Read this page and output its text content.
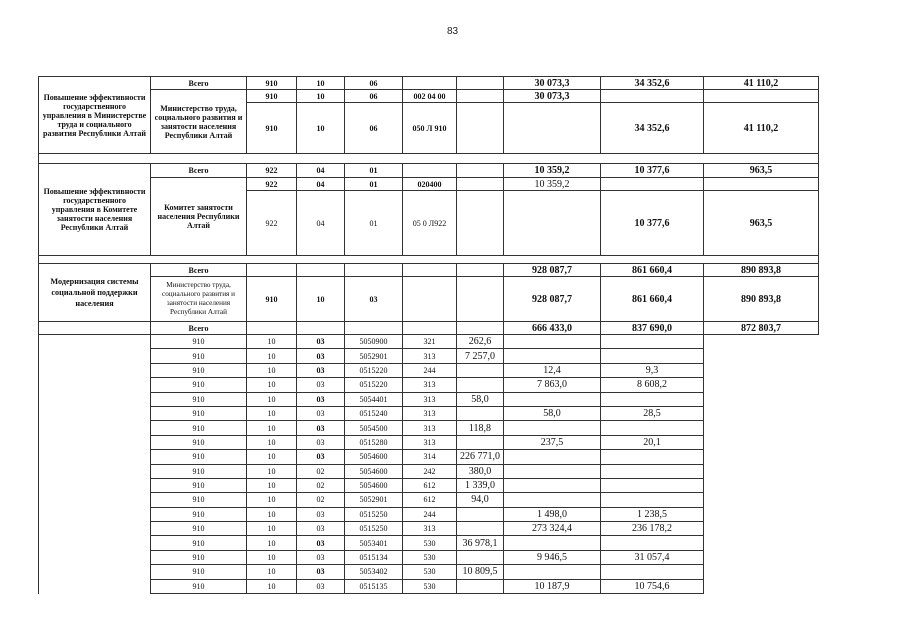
83
Повышение эффективности государственного управления в Министерстве труда и социального развития Республики Алтай	Всего	910	10	06			30 073,3	34 352,6	41 110,2
	Министерство труда, социального развития и занятости населения Республики Алтай	910	10	06	002 04 00		30 073,3		
		910	10	06	050 Л 910			34 352,6	41 110,2

Повышение эффективности государственного управления в Комитете занятости населения Республики Алтай	Всего	922	04	01			10 359,2	10 377,6	963,5
	Комитет занятости населения Республики Алтай	922	04	01	020400		10 359,2		
		922	04	01	05 0 Л922			10 377,6	963,5

Модернизация системы социальной поддержки населения	Всего						928 087,7	861 660,4	890 893,8
	Министерство труда, социального развития и занятости населения Республики Алтай	910	10	03			928 087,7	861 660,4	890 893,8
	Всего						666 433,0	837 690,0	872 803,7
	910	10	03	5050900	321	262,6			
	910	10	03	5052901	313	7 257,0			
	910	10	03	0515220	244		12,4	9,3	
	910	10	03	0515220	313		7 863,0	8 608,2	
	910	10	03	5054401	313	58,0			
	910	10	03	0515240	313		58,0	28,5	
	910	10	03	5054500	313	118,8			
	910	10	03	0515280	313		237,5	20,1	
	910	10	03	5054600	314	226 771,0			
	910	10	02	5054600	242	380,0			
	910	10	02	5054600	612	1 339,0			
	910	10	02	5052901	612	94,0			
	910	10	03	0515250	244		1 498,0	1 238,5	
	910	10	03	0515250	313		273 324,4	236 178,2	
	910	10	03	5053401	530	36 978,1			
	910	10	03	0515134	530		9 946,5	31 057,4	
	910	10	03	5053402	530	10 809,5			
	910	10	03	0515135	530		10 187,9	10 754,6	
